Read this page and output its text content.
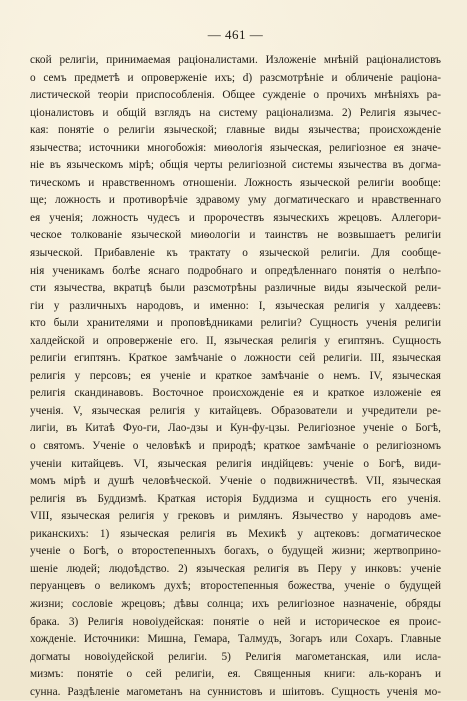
— 461 —
ской религіи, принимаемая раціоналистами. Изложеніе мнѣній раціоналистовъ
о семъ предметѣ и опроверженіе ихъ; d) разсмотрѣніе и обличеніе раціона-
листической теоріи приспособленія. Общее сужденіе о прочихъ мнѣніяхъ ра-
ціоналистовъ и общій взглядъ на систему раціонализма. 2) Религія язычес-
кая: понятіе о религіи языческой; главные виды язычества; происхожденіе
язычества; источники многобожія: миѳологія языческая, религіозное ея значе-
ніе въ языческомъ мірѣ; общія черты религіозной системы язычества въ догма-
тическомъ и нравственномъ отношеніи. Ложность языческой религіи вообще:
ще; ложность и противорѣчіе здравому уму догматическаго и нравственнаго
ея ученія; ложность чудесъ и пророчествъ языческихъ жрецовъ. Аллегори-
ческое толкованіе языческой миѳологіи и таинствъ не возвышаетъ религіи
языческой. Прибавленіе къ трактату о языческой религіи. Для сообще-
нія ученикамъ болѣе яснаго подробнаго и опредѣленнаго понятія о нелѣпо-
сти язычества, вкратцѣ были разсмотрѣны различные виды языческой рели-
гіи у различныхъ народовъ, и именно: I, языческая религія у халдеевъ:
кто были хранителями и проповѣдниками религіи? Сущность ученія религіи
халдейской и опроверженіе его. II, языческая религія у египтянъ. Сущность
религіи египтянъ. Краткое замѣчаніе о ложности сей религіи. III, языческая
религія у персовъ; ея ученіе и краткое замѣчаніе о немъ. IV, языческая
религія скандинавовъ. Восточное происхожденіе ея и краткое изложеніе ея
ученія. V, языческая религія у китайцевъ. Образователи и учредители ре-
лигіи, въ Китаѣ Фуо-ги, Лао-дзы и Кун-фу-цзы. Религіозное ученіе о Богѣ,
о святомъ. Ученіе о человѣкѣ и природѣ; краткое замѣчаніе о религіозномъ
ученіи китайцевъ. VI, языческая религія индійцевъ: ученіе о Богѣ, види-
момъ мірѣ и душѣ человѣческой. Ученіе о подвижничествѣ. VII, языческая
религія въ Буддизмѣ. Краткая исторія Буддизма и сущность его ученія.
VIII, языческая религія у грековъ и римлянъ. Язычество у народовъ аме-
риканскихъ: 1) языческая религія въ Мехикѣ у ацтековъ: догматическое
ученіе о Богѣ, о второстепенныхъ богахъ, о будущей жизни; жертвоприно-
шеніе людей; людоѣдство. 2) языческая религія въ Перу у инковъ: ученіе
перуанцевъ о великомъ духѣ; второстепенныя божества, ученіе о будущей
жизни; сословіе жрецовъ; дѣвы солнца; ихъ религіозное назначеніе, обряды
брака. 3) Религія новоіудейская: понятіе о ней и историческое ея проис-
хожденіе. Источники: Мишна, Гемара, Талмудъ, Зогаръ или Сохаръ. Главные
догматы новоіудейской религіи. 5) Религія магометанская, или исла-
мизмъ: понятіе о сей религіи, ея. Священныя книги: аль-коранъ и
сунна. Раздѣленіе магометанъ на суннистовъ и шіитовъ. Сущность ученія мо-
